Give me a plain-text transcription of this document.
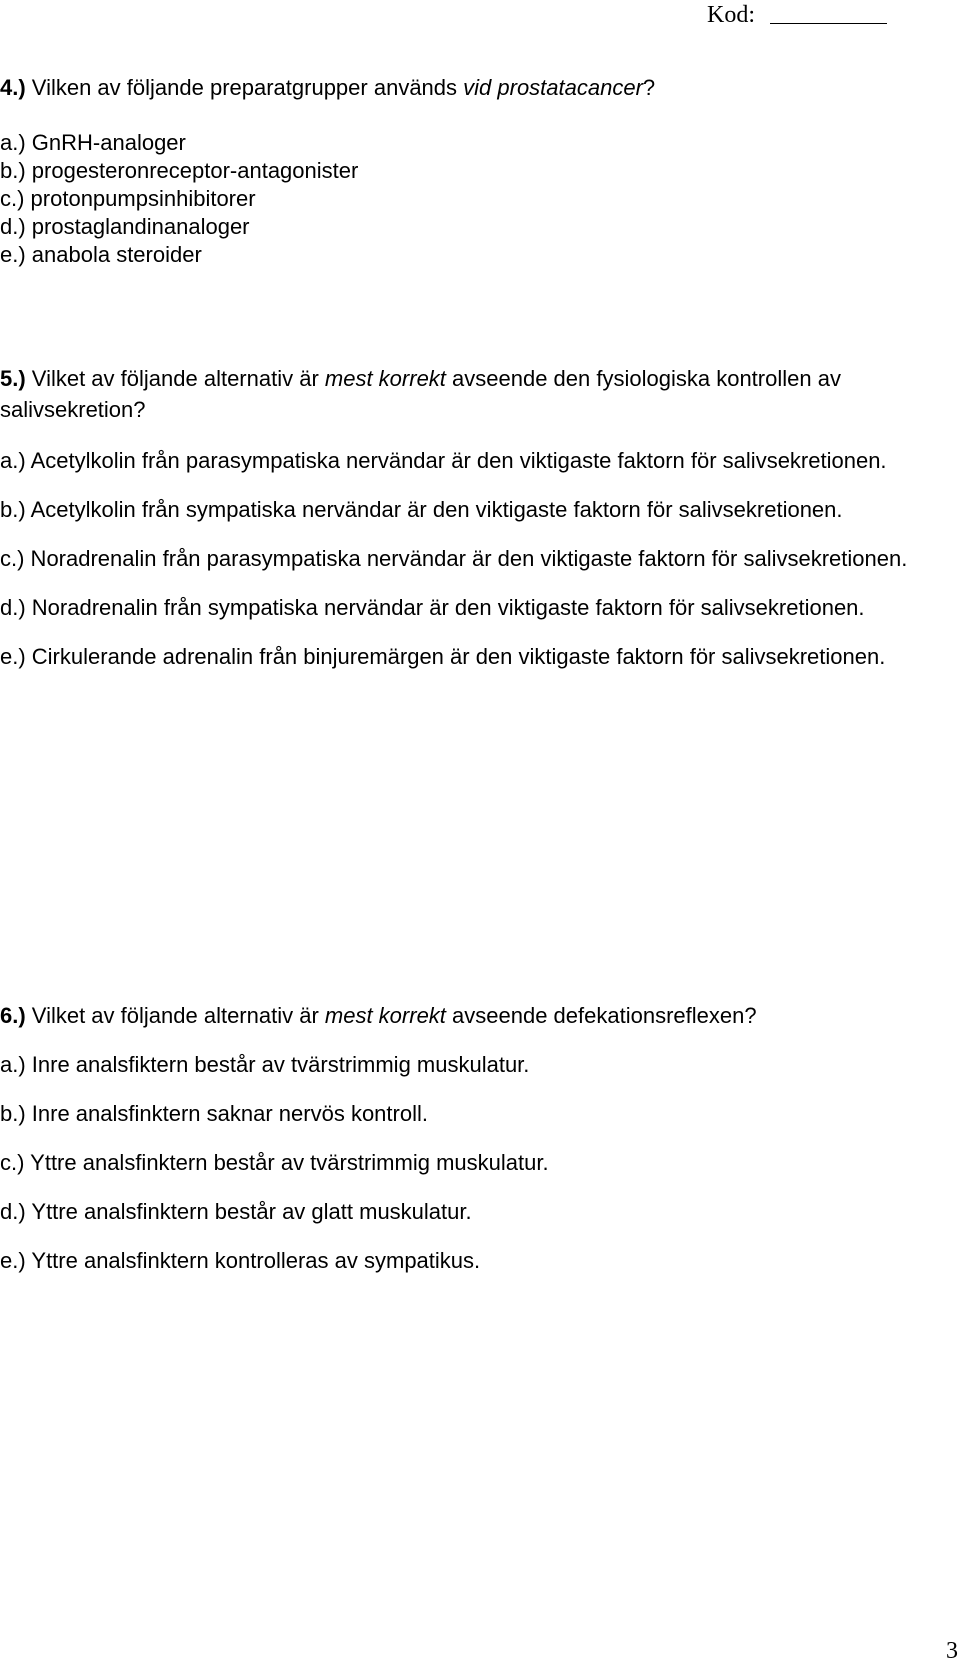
Kod:

4.) Vilken av följande preparatgrupper används vid prostatacancer?

a.) GnRH-analoger

b.) progesteronreceptor-antagonister

c.) protonpumpsinhibitorer

d.) prostaglandinanaloger

e.) anabola steroider

5.) Vilket av följande alternativ är mest korrekt avseende den fysiologiska kontrollen av salivsekretion?

a.) Acetylkolin från parasympatiska nervändar är den viktigaste faktorn för salivsekretionen.

b.) Acetylkolin från sympatiska nervändar är den viktigaste faktorn för salivsekretionen.

c.) Noradrenalin från parasympatiska nervändar är den viktigaste faktorn för salivsekretionen.

d.) Noradrenalin från sympatiska nervändar är den viktigaste faktorn för salivsekretionen.

e.) Cirkulerande adrenalin från binjuremärgen är den viktigaste faktorn för salivsekretionen.

6.) Vilket av följande alternativ är mest korrekt avseende defekationsreflexen?

a.) Inre analsfiktern består av tvärstrimmig muskulatur.

b.) Inre analsfinktern saknar nervös kontroll.

c.) Yttre analsfinktern består av tvärstrimmig muskulatur.

d.) Yttre analsfinktern består av glatt muskulatur.

e.) Yttre analsfinktern kontrolleras av sympatikus.

3
